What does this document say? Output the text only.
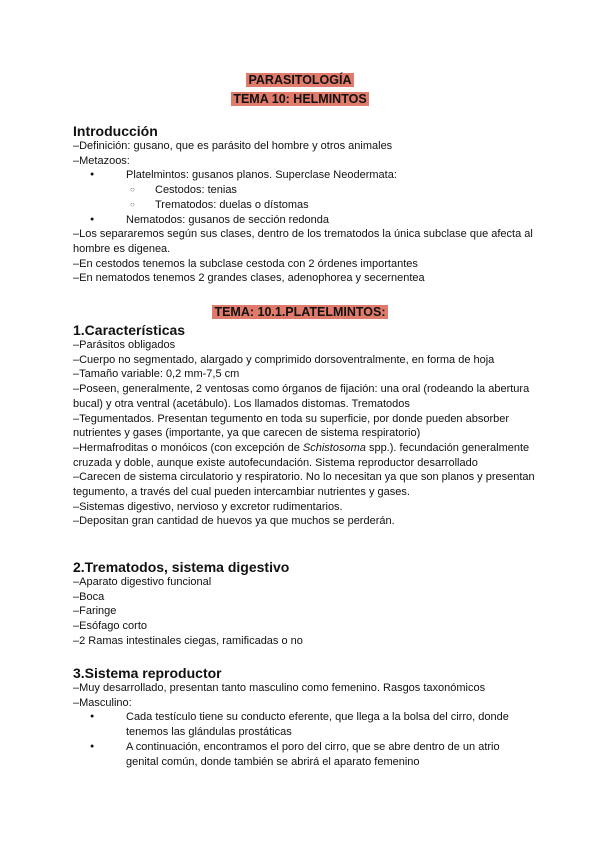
PARASITOLOGÍA
TEMA 10: HELMINTOS
Introducción

–Definición: gusano, que es parásito del hombre y otros animales

–Metazoos:

● Platelmintos: gusanos planos. Superclase Neodermata:
○ Cestodos: tenias
○ Trematodos: duelas o dístomas
● Nematodos: gusanos de sección redonda

–Los separaremos según sus clases, dentro de los trematodos la única subclase que afecta al hombre es digenea.

–En cestodos tenemos la subclase cestoda con 2 órdenes importantes

–En nematodos tenemos 2 grandes clases, adenophorea y secernentea

TEMA: 10.1.PLATELMINTOS:
1.Características

–Parásitos obligados

–Cuerpo no segmentado, alargado y comprimido dorsoventralmente, en forma de hoja

–Tamaño variable: 0,2 mm-7,5 cm

–Poseen, generalmente, 2 ventosas como órganos de fijación: una oral (rodeando la abertura bucal) y otra ventral (acetábulo). Los llamados distomas. Trematodos

–Tegumentados. Presentan tegumento en toda su superficie, por donde pueden absorber nutrientes y gases (importante, ya que carecen de sistema respiratorio)

–Hermafroditas o monóicos (con excepción de Schistosoma spp.). fecundación generalmente cruzada y doble, aunque existe autofecundación. Sistema reproductor desarrollado

–Carecen de sistema circulatorio y respiratorio. No lo necesitan ya que son planos y presentan tegumento, a través del cual pueden intercambiar nutrientes y gases.

–Sistemas digestivo, nervioso y excretor rudimentarios.

–Depositan gran cantidad de huevos ya que muchos se perderán.

2.Trematodos, sistema digestivo

–Aparato digestivo funcional

–Boca

–Faringe

–Esófago corto

–2 Ramas intestinales ciegas, ramificadas o no

3.Sistema reproductor

–Muy desarrollado, presentan tanto masculino como femenino. Rasgos taxonómicos

–Masculino:

● Cada testículo tiene su conducto eferente, que llega a la bolsa del cirro, donde tenemos las glándulas prostáticas
● A continuación, encontramos el poro del cirro, que se abre dentro de un atrio genital común, donde también se abrirá el aparato femenino
